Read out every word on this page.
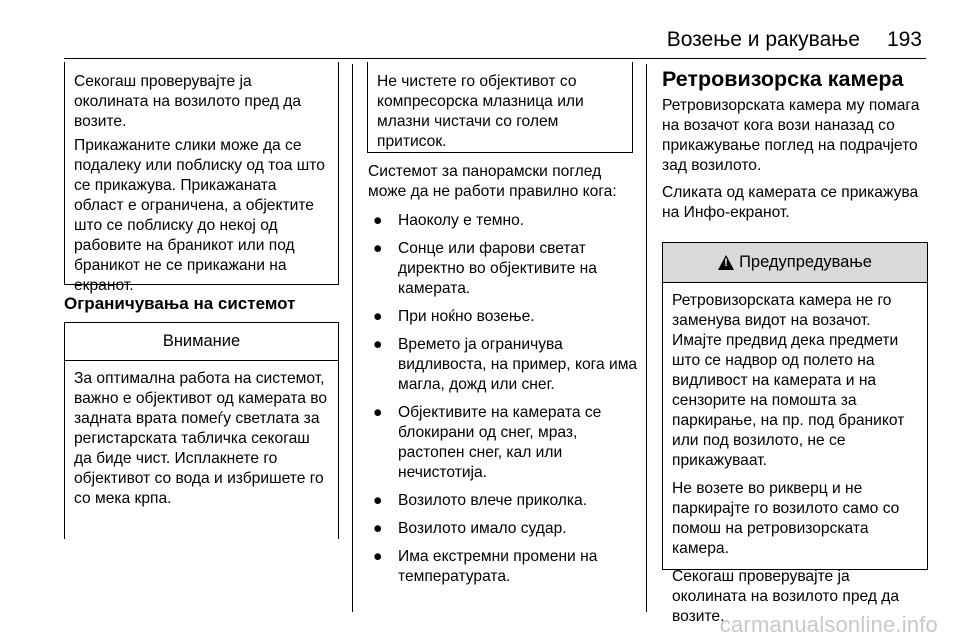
Возење и ракување 193

Секогаш проверувајте ја околината на возилото пред да возите.

Прикажаните слики може да се подалеку или поблиску од тоа што се прикажува. Прикажаната област е ограничена, а објектите што се поблиску до некој од рабовите на браникот или под браникот не се прикажани на екранот.

Ограничувања на системот
Внимание

За оптимална работа на системот, важно е објективот од камерата во задната врата помеѓу светлата за регистарската табличка секогаш да биде чист. Исплакнете го објективот со вода и избришете го со мека крпа.

Не чистете го објективот со компресорска млазница или млазни чистачи со голем притисок.

Системот за панорамски поглед може да не работи правилно кога:

● Наоколу е темно.
● Сонце или фарови светат директно во објективите на камерата.
● При ноќно возење.
● Времето ја ограничува видливоста, на пример, кога има магла, дожд или снег.
● Објективите на камерата се блокирани од снег, мраз, растопен снег, кал или нечистотија.
● Возилото влече приколка.
● Возилото имало судар.
● Има екстремни промени на температурата.
Ретровизорска камера

Ретровизорската камера му помага на возачот кога вози наназад со прикажување поглед на подрачјето зад возилото.

Сликата од камерата се прикажува на Инфо-екранот.

! Предупредување

Ретровизорската камера не го заменува видот на возачот. Имајте предвид дека предмети што се надвор од полето на видливост на камерата и на сензорите на помошта за паркирање, на пр. под браникот или под возилото, не се прикажуваат.

Не возете во рикверц и не паркирајте го возилото само со помош на ретровизорската камера.

Секогаш проверувајте ја околината на возилото пред да возите.

carmanualsonline.info
